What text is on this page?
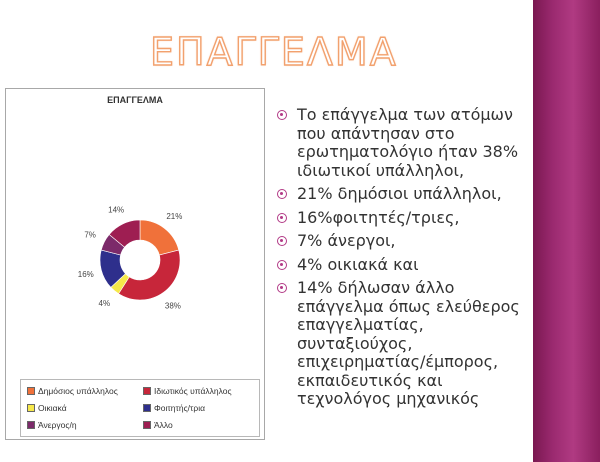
ΕΠΑΓΓΕΛΜΑ
ΕΠΑΓΓΕΛΜΑ
21%
38%
4%
16%
7%
14%
Δημόσιος υπάλληλος	Ιδιωτικός υπάλληλος
Οικιακά	Φοιτητής/τρια
Άνεργος/η	Άλλο
Το επάγγελμα των ατόμων που απάντησαν στο ερωτηματολόγιο ήταν 38% ιδιωτικοί υπάλληλοι,
21% δημόσιοι υπάλληλοι,
16%φοιτητές/τριες,
7% άνεργοι,
4% οικιακά και
14% δήλωσαν άλλο επάγγελμα όπως ελεύθερος επαγγελματίας, συνταξιούχος, επιχειρηματίας/έμπορος, εκπαιδευτικός και τεχνολόγος μηχανικός
